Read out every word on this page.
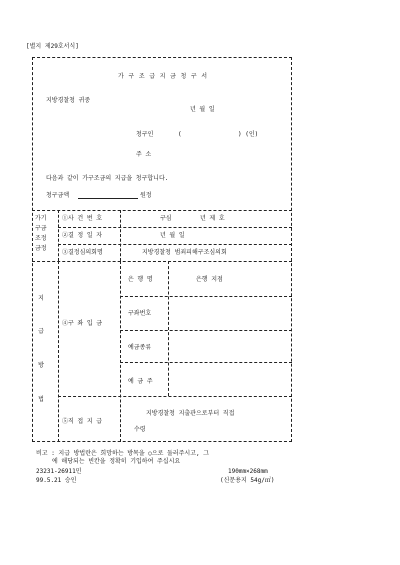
[별지 제29호서식]
가 구 조 급 지 금 청 구 서
지방경찰청 귀중
년 월 일
청구인	(	) (인)
주 소
다음과 같이 가구조금의 지급을 청구합니다.
청구금액	원정
가기
구금
조정
금정
①사 건 번 호	구심	년 제 호
②결 정 일 자	년 월 일
③결정심의회명	지방경찰청 범죄피해구조심의회
지
급
방
법
④구 좌 입 금
은 행 명	은행 지점
구좌번호
예금종류
예 금 주
⑤직 접 지 급
지방경찰청 지출관으로부터 직접
수령
비고 : 지급 방법란은 희망하는 방목을 ○으로 둘러주시고, 그
에 해당되는 빈칸을 정확히 기입하여 주십시요
23231-26911민	190mm×268mm
99.5.21 승인	(신문용지 54g/㎡)
